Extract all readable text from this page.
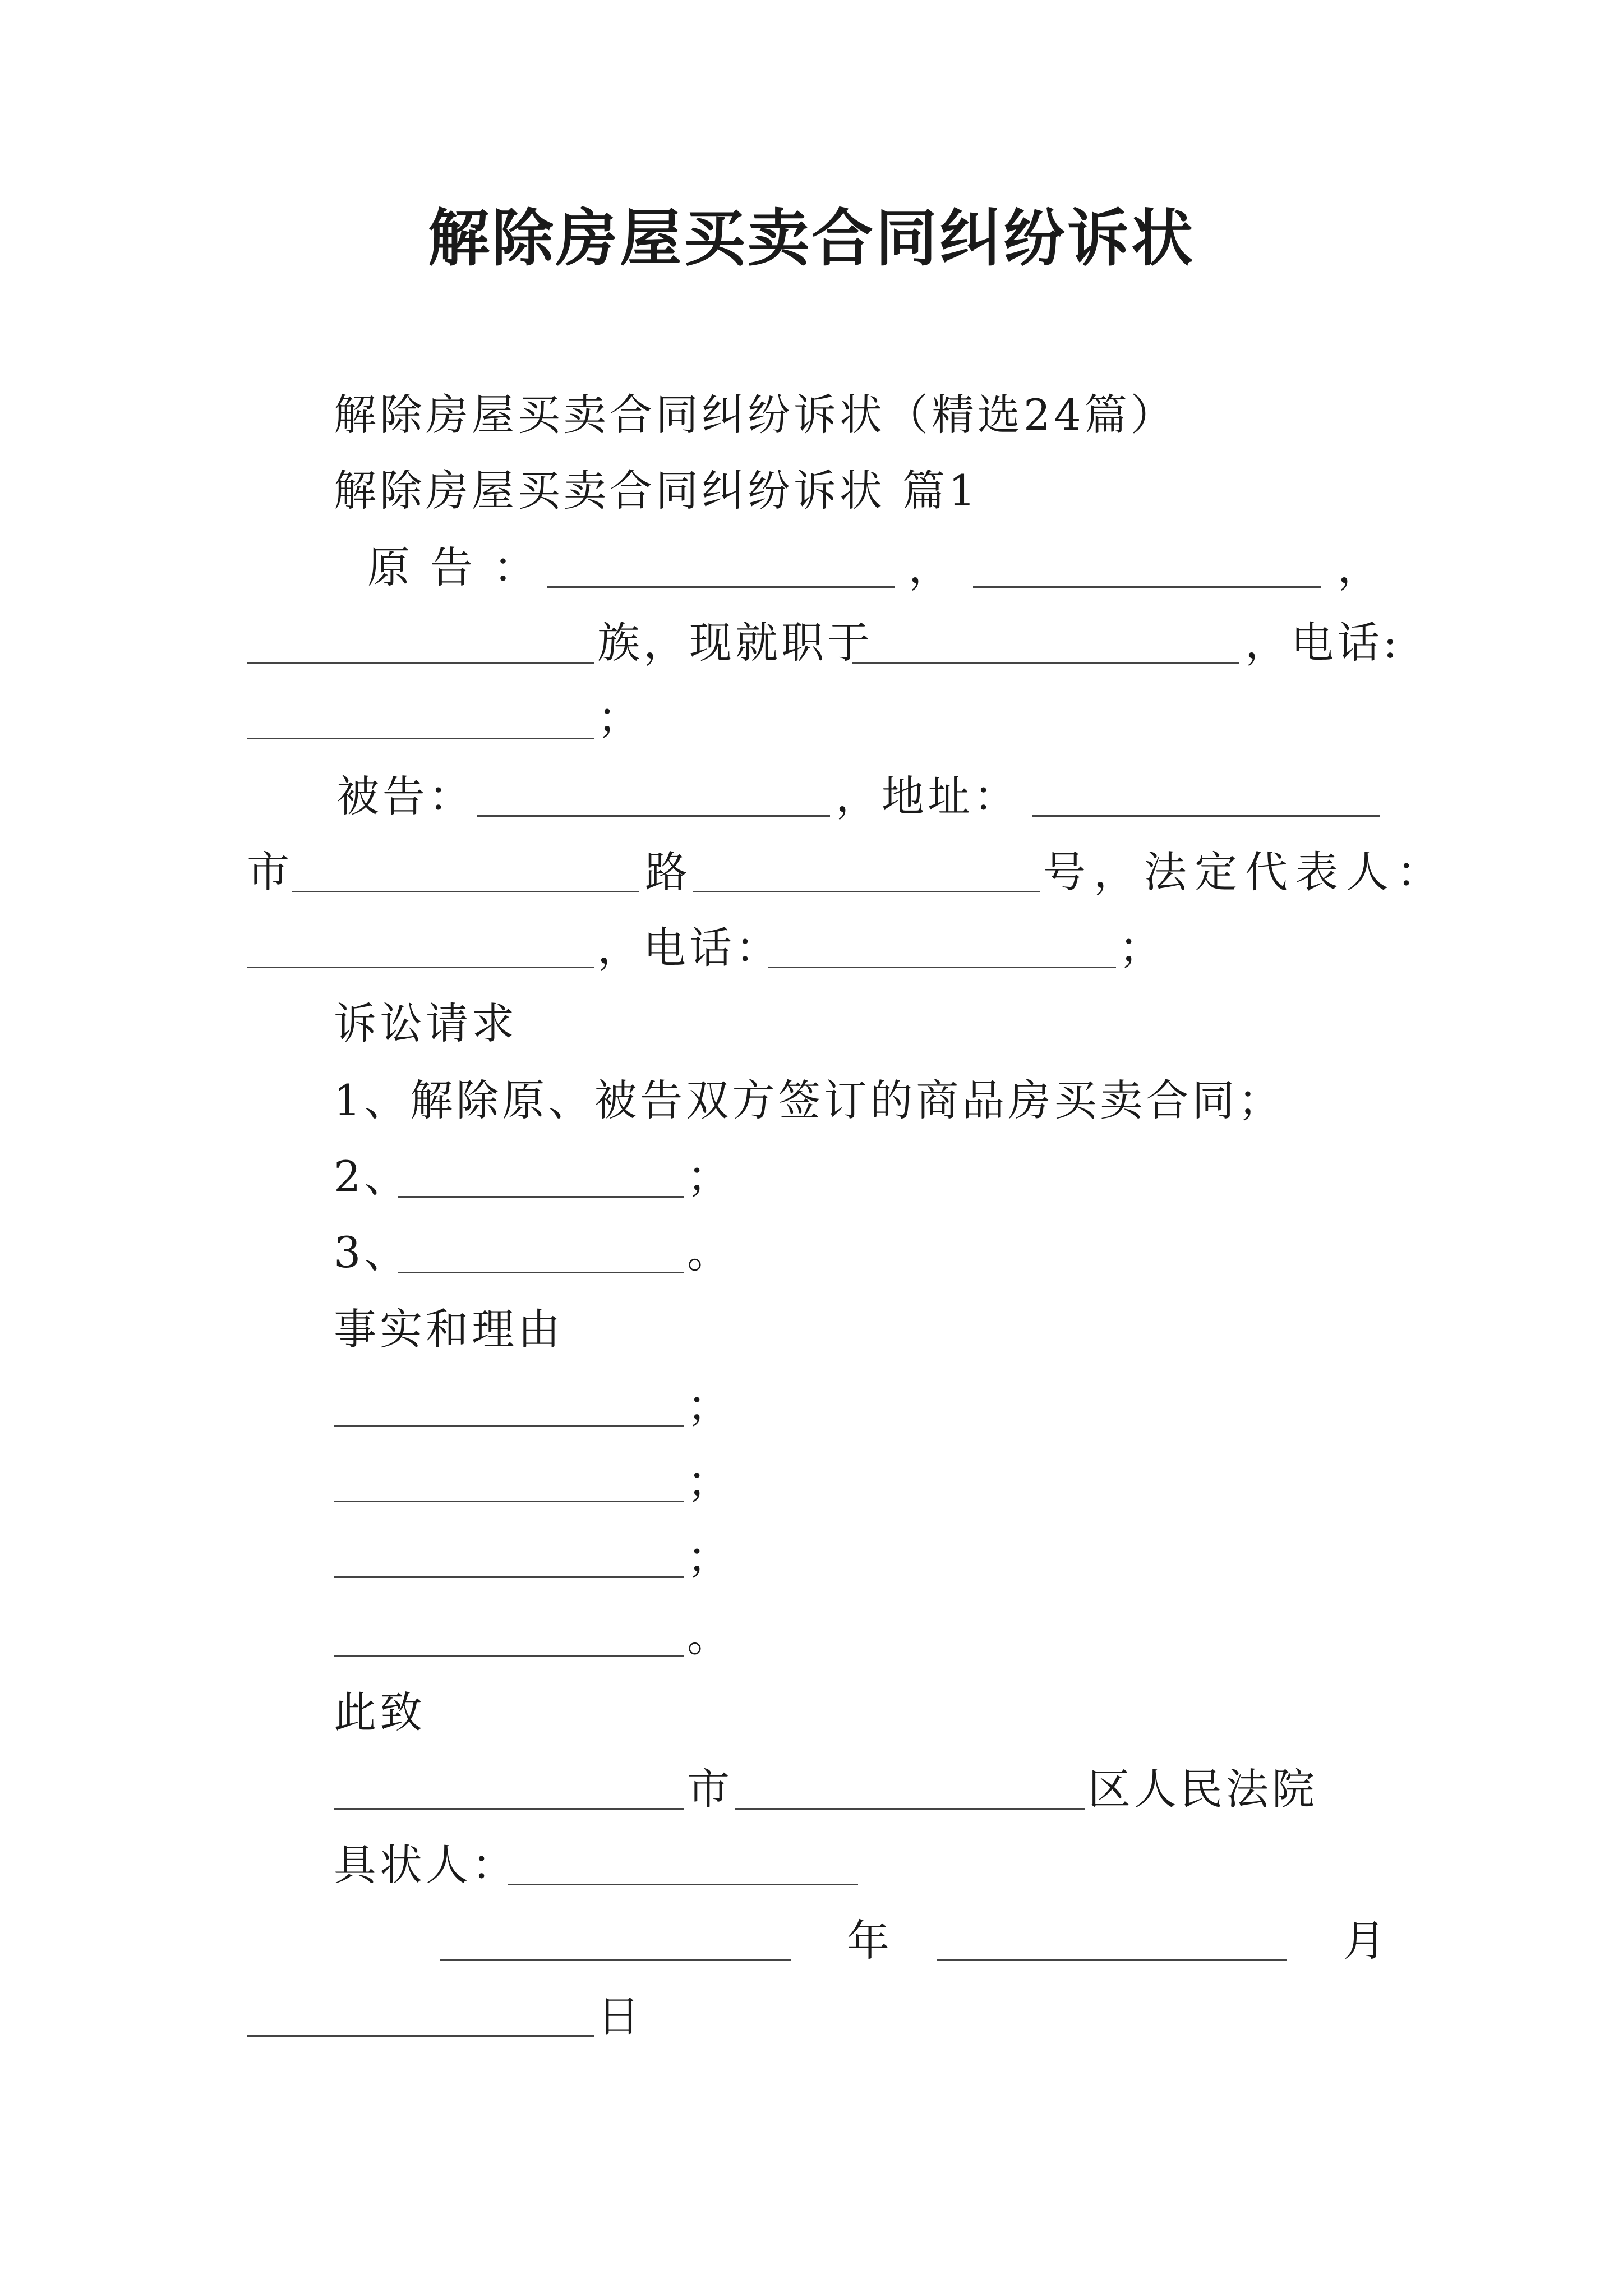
解除房屋买卖合同纠纷诉状
解除房屋买卖合同纠纷诉状（精选24篇）
解除房屋买卖合同纠纷诉状 篇1
原 告 ：	，	，
族，现就职于	，电话:
；
被告：	，地址：
市	路	号，法定代表人：
，电话：	；
诉讼请求
1、解除原、被告双方签订的商品房买卖合同；
2、	；
3、	。
事实和理由
；
；
；
。
此致
市	区人民法院
具状人：
年	月
日
